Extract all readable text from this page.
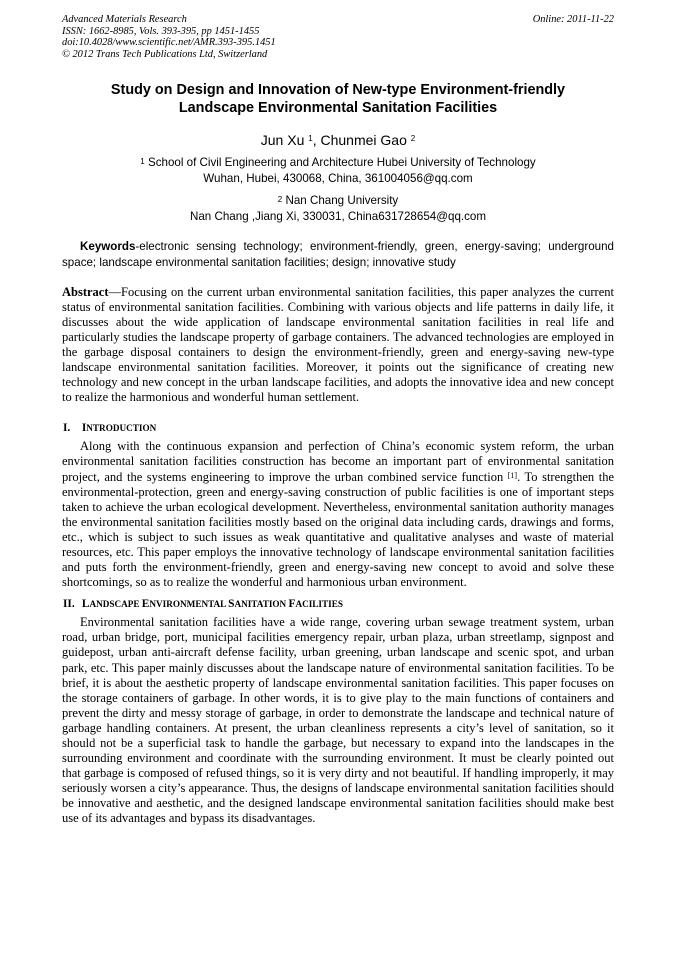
Advanced Materials Research
ISSN: 1662-8985, Vols. 393-395, pp 1451-1455
doi:10.4028/www.scientific.net/AMR.393-395.1451
© 2012 Trans Tech Publications Ltd, Switzerland
Online: 2011-11-22
Study on Design and Innovation of New-type Environment-friendly
Landscape Environmental Sanitation Facilities
Jun Xu $^1$, Chunmei Gao $^2$
$^1$ School of Civil Engineering and Architecture Hubei University of Technology
Wuhan, Hubei, 430068, China, 361004056@qq.com
$^2$ Nan Chang University
Nan Chang ,Jiang Xi, 330031, China631728654@qq.com
Keywords-electronic sensing technology; environment-friendly, green, energy-saving; underground space; landscape environmental sanitation facilities; design; innovative study
Abstract—Focusing on the current urban environmental sanitation facilities, this paper analyzes the current status of environmental sanitation facilities. Combining with various objects and life patterns in daily life, it discusses about the wide application of landscape environmental sanitation facilities in real life and particularly studies the landscape property of garbage containers. The advanced technologies are employed in the garbage disposal containers to design the environment-friendly, green and energy-saving new-type landscape environmental sanitation facilities. Moreover, it points out the significance of creating new technology and new concept in the urban landscape facilities, and adopts the innovative idea and new concept to realize the harmonious and wonderful human settlement.
I. INTRODUCTION
Along with the continuous expansion and perfection of China’s economic system reform, the urban environmental sanitation facilities construction has become an important part of environmental sanitation project, and the systems engineering to improve the urban combined service function [1]. To strengthen the environmental-protection, green and energy-saving construction of public facilities is one of important steps taken to achieve the urban ecological development. Nevertheless, environmental sanitation authority manages the environmental sanitation facilities mostly based on the original data including cards, drawings and forms, etc., which is subject to such issues as weak quantitative and qualitative analyses and waste of material resources, etc. This paper employs the innovative technology of landscape environmental sanitation facilities and puts forth the environment-friendly, green and energy-saving new concept to avoid and solve these shortcomings, so as to realize the wonderful and harmonious urban environment.
II. LANDSCAPE ENVIRONMENTAL SANITATION FACILITIES
Environmental sanitation facilities have a wide range, covering urban sewage treatment system, urban road, urban bridge, port, municipal facilities emergency repair, urban plaza, urban streetlamp, signpost and guidepost, urban anti-aircraft defense facility, urban greening, urban landscape and scenic spot, and urban park, etc. This paper mainly discusses about the landscape nature of environmental sanitation facilities. To be brief, it is about the aesthetic property of landscape environmental sanitation facilities. This paper focuses on the storage containers of garbage. In other words, it is to give play to the main functions of containers and prevent the dirty and messy storage of garbage, in order to demonstrate the landscape and technical nature of garbage handling containers. At present, the urban cleanliness represents a city’s level of sanitation, so it should not be a superficial task to handle the garbage, but necessary to expand into the landscapes in the surrounding environment and coordinate with the surrounding environment. It must be clearly pointed out that garbage is composed of refused things, so it is very dirty and not beautiful. If handling improperly, it may seriously worsen a city’s appearance. Thus, the designs of landscape environmental sanitation facilities should be innovative and aesthetic, and the designed landscape environmental sanitation facilities should make best use of its advantages and bypass its disadvantages.
